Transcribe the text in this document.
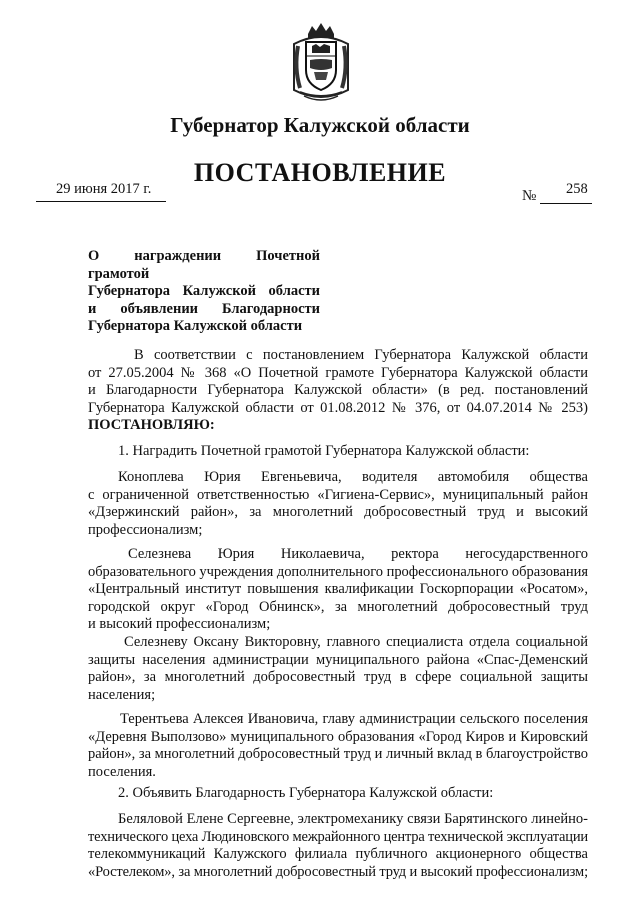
Губернатор Калужской области
ПОСТАНОВЛЕНИЕ
29 июня 2017 г.	№ 258
О награждении Почетной грамотой
Губернатора Калужской области
и объявлении Благодарности
Губернатора Калужской области
В соответствии с постановлением Губернатора Калужской области
от 27.05.2004 № 368 «О Почетной грамоте Губернатора Калужской области
и Благодарности Губернатора Калужской области» (в ред. постановлений
Губернатора Калужской области от 01.08.2012 № 376, от 04.07.2014 № 253)
ПОСТАНОВЛЯЮ:
1. Наградить Почетной грамотой Губернатора Калужской области:
Коноплева Юрия Евгеньевича, водителя автомобиля общества
с ограниченной ответственностью «Гигиена-Сервис», муниципальный район
«Дзержинский район», за многолетний добросовестный труд и высокий
профессионализм;
Селезнева Юрия Николаевича, ректора негосударственного
образовательного учреждения дополнительного профессионального образования
«Центральный институт повышения квалификации Госкорпорации «Росатом»,
городской округ «Город Обнинск», за многолетний добросовестный труд
и высокий профессионализм;
Селезневу Оксану Викторовну, главного специалиста отдела социальной
защиты населения администрации муниципального района «Спас-Деменский
район», за многолетний добросовестный труд в сфере социальной защиты
населения;
Терентьева Алексея Ивановича, главу администрации сельского поселения
«Деревня Выползово» муниципального образования «Город Киров и Кировский
район», за многолетний добросовестный труд и личный вклад в благоустройство
поселения.
2. Объявить Благодарность Губернатора Калужской области:
Беляловой Елене Сергеевне, электромеханику связи Барятинского линейно-
технического цеха Людиновского межрайонного центра технической эксплуатации
телекоммуникаций Калужского филиала публичного акционерного общества
«Ростелеком», за многолетний добросовестный труд и высокий профессионализм;
